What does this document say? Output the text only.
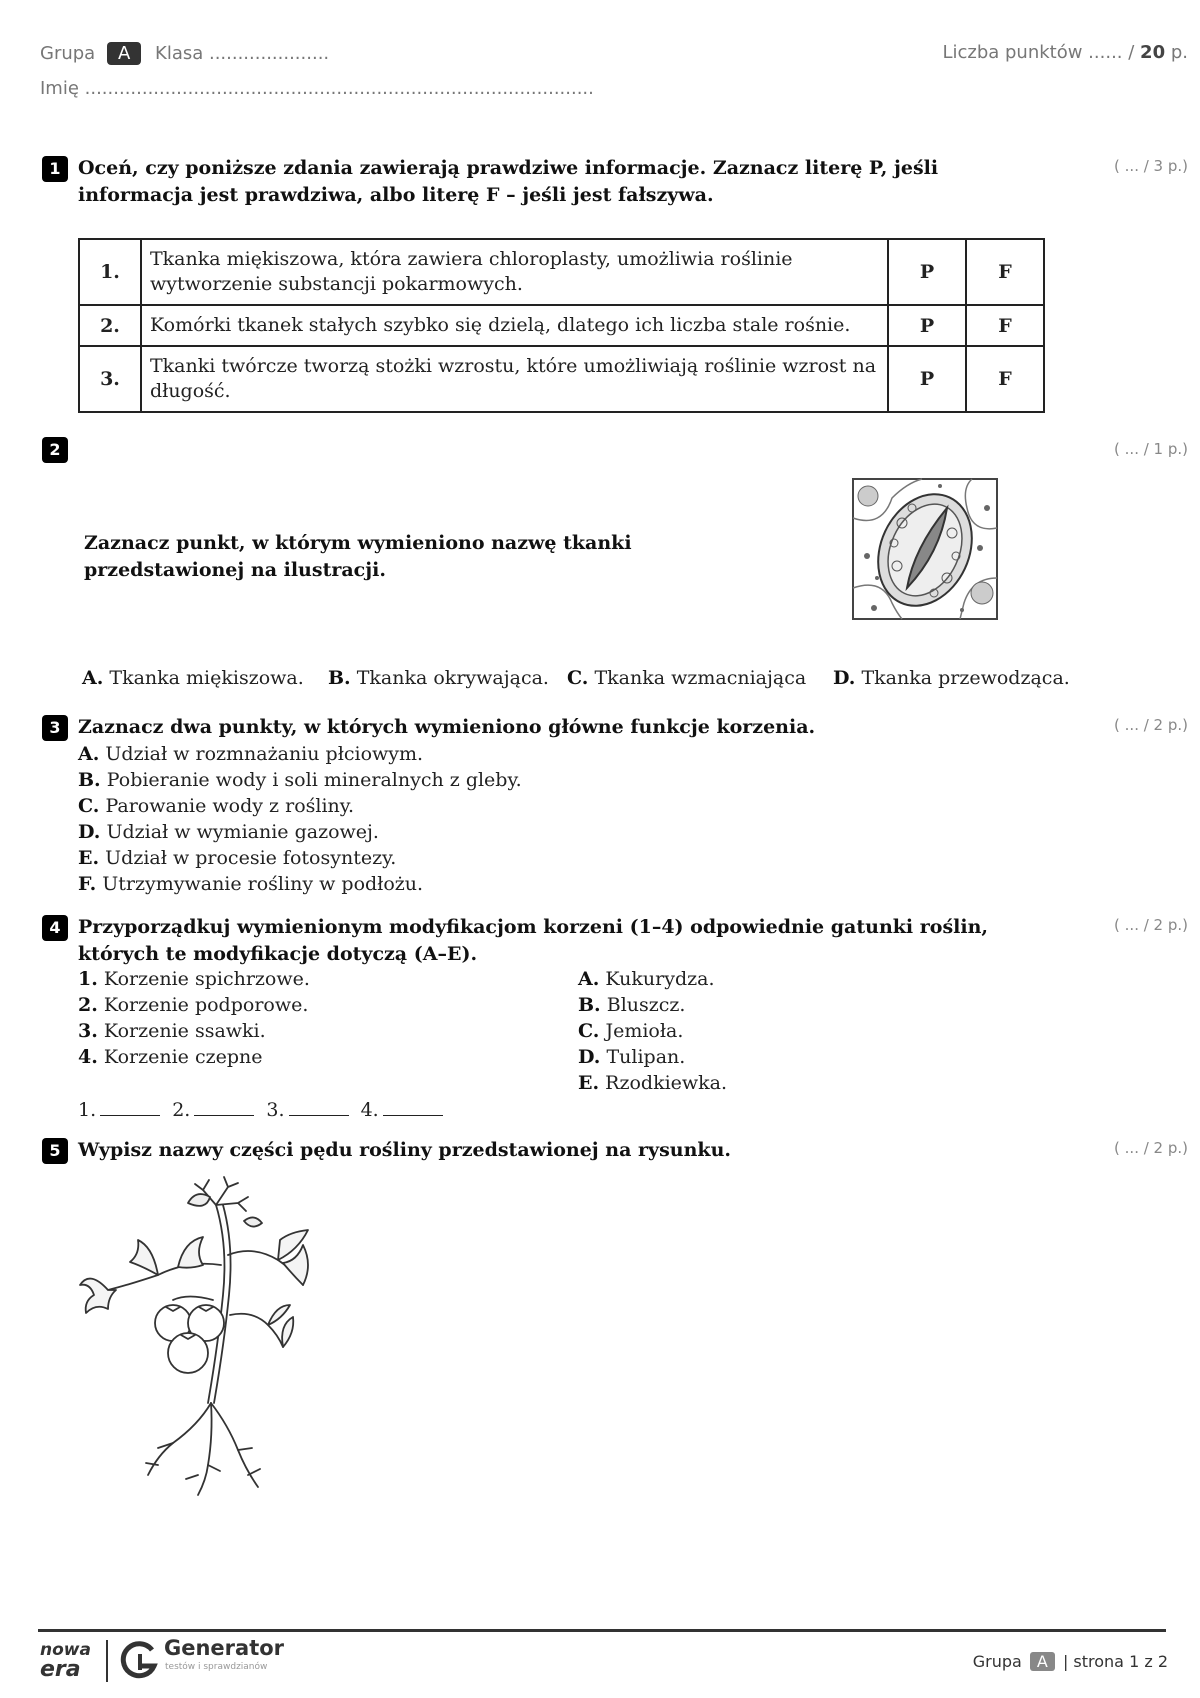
Grupa A Klasa .....................
Imię .........................................................................................
Liczba punktów ...... / 20 p.
1 Oceń, czy poniższe zdania zawierają prawdziwe informacje. Zaznacz literę P, jeśli informacja jest prawdziwa, albo literę F – jeśli jest fałszywa.
( ... / 3 p.)
1.	Tkanka miękiszowa, która zawiera chloroplasty, umożliwia roślinie wytworzenie substancji pokarmowych.	P	F
2.	Komórki tkanek stałych szybko się dzielą, dlatego ich liczba stale rośnie.	P	F
3.	Tkanki twórcze tworzą stożki wzrostu, które umożliwiają roślinie wzrost na długość.	P	F
2	( ... / 1 p.)
Zaznacz punkt, w którym wymieniono nazwę tkanki przedstawionej na ilustracji.
A. Tkanka miękiszowa. B. Tkanka okrywająca. C. Tkanka wzmacniająca D. Tkanka przewodząca.
3 Zaznacz dwa punkty, w których wymieniono główne funkcje korzenia.	( ... / 2 p.)
A. Udział w rozmnażaniu płciowym.
B. Pobieranie wody i soli mineralnych z gleby.
C. Parowanie wody z rośliny.
D. Udział w wymianie gazowej.
E. Udział w procesie fotosyntezy.
F. Utrzymywanie rośliny w podłożu.
4 Przyporządkuj wymienionym modyfikacjom korzeni (1–4) odpowiednie gatunki roślin, których te modyfikacje dotyczą (A–E).
( ... / 2 p.)
1. Korzenie spichrzowe.
2. Korzenie podporowe.
3. Korzenie ssawki.
4. Korzenie czepne
A. Kukurydza.
B. Bluszcz.
C. Jemioła.
D. Tulipan.
E. Rzodkiewka.
1.	2.	3.	4.
5 Wypisz nazwy części pędu rośliny przedstawionej na rysunku.	( ... / 2 p.)
nowa
era
Generator
testów i sprawdzianów	Grupa A | strona 1 z 2
